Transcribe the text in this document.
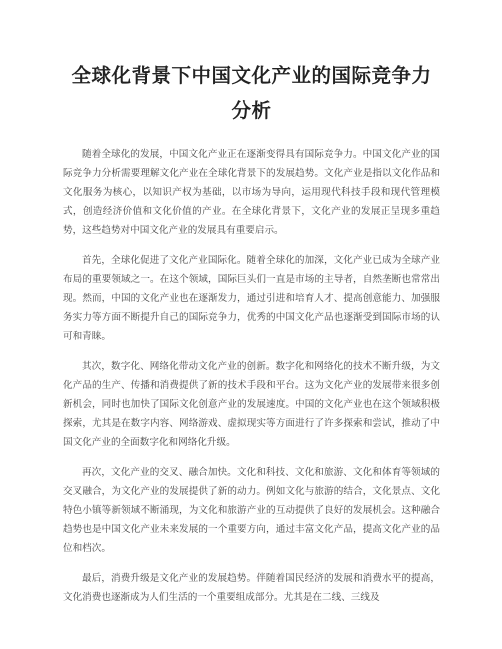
全球化背景下中国文化产业的国际竞争力分析

随着全球化的发展，中国文化产业正在逐渐变得具有国际竞争力。中国文化产业的国际竞争力分析需要理解文化产业在全球化背景下的发展趋势。文化产业是指以文化作品和文化服务为核心，以知识产权为基础，以市场为导向，运用现代科技手段和现代管理模式，创造经济价值和文化价值的产业。在全球化背景下，文化产业的发展正呈现多重趋势，这些趋势对中国文化产业的发展具有重要启示。

首先，全球化促进了文化产业国际化。随着全球化的加深，文化产业已成为全球产业布局的重要领域之一。在这个领域，国际巨头们一直是市场的主导者，自然垄断也常常出现。然而，中国的文化产业也在逐渐发力，通过引进和培育人才、提高创意能力、加强服务实力等方面不断提升自己的国际竞争力，优秀的中国文化产品也逐渐受到国际市场的认可和青睐。

其次，数字化、网络化带动文化产业的创新。数字化和网络化的技术不断升级，为文化产品的生产、传播和消费提供了新的技术手段和平台。这为文化产业的发展带来很多创新机会，同时也加快了国际文化创意产业的发展速度。中国的文化产业也在这个领域积极探索，尤其是在数字内容、网络游戏、虚拟现实等方面进行了许多探索和尝试，推动了中国文化产业的全面数字化和网络化升级。

再次，文化产业的交叉、融合加快。文化和科技、文化和旅游、文化和体育等领域的交叉融合，为文化产业的发展提供了新的动力。例如文化与旅游的结合，文化景点、文化特色小镇等新领域不断涌现，为文化和旅游产业的互动提供了良好的发展机会。这种融合趋势也是中国文化产业未来发展的一个重要方向，通过丰富文化产品，提高文化产业的品位和档次。

最后，消费升级是文化产业的发展趋势。伴随着国民经济的发展和消费水平的提高，文化消费也逐渐成为人们生活的一个重要组成部分。尤其是在二线、三线及
